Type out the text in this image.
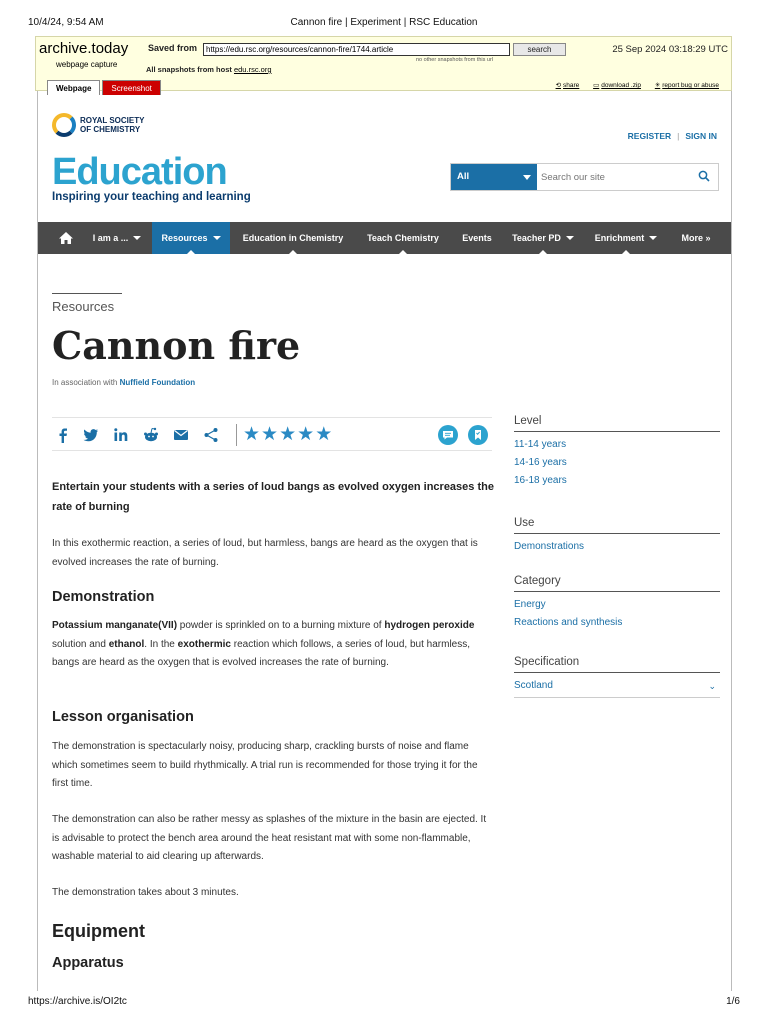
10/4/24, 9:54 AM	Cannon fire | Experiment | RSC Education
archive.today
webpage capture
Saved from	https://edu.rsc.org/resources/cannon-fire/1744.article	search
no other snapshots from this url
25 Sep 2024 03:18:29 UTC
All snapshots from host edu.rsc.org
Webpage	Screenshot	⟲ share ▭ download .zip ✳ report bug or abuse
ROYAL SOCIETY
OF CHEMISTRY
REGISTER | SIGN IN
Education
Inspiring your teaching and learning
All
Search our site
I am a ...	Resources	Education in Chemistry	Teach Chemistry	Events	Teacher PD	Enrichment	More »
Resources
Cannon fire
In association with Nuffield Foundation
★★★★★
Entertain your students with a series of loud bangs as evolved oxygen increases the rate of burning
In this exothermic reaction, a series of loud, but harmless, bangs are heard as the oxygen that is evolved increases the rate of burning.
Demonstration
Potassium manganate(VII) powder is sprinkled on to a burning mixture of hydrogen peroxide solution and ethanol. In the exothermic reaction which follows, a series of loud, but harmless, bangs are heard as the oxygen that is evolved increases the rate of burning.
Lesson organisation
The demonstration is spectacularly noisy, producing sharp, crackling bursts of noise and flame which sometimes seem to build rhythmically. A trial run is recommended for those trying it for the first time.
The demonstration can also be rather messy as splashes of the mixture in the basin are ejected. It is advisable to protect the bench area around the heat resistant mat with some non-flammable, washable material to aid clearing up afterwards.
The demonstration takes about 3 minutes.
Equipment
Apparatus
Level
11-14 years
14-16 years
16-18 years
Use
Demonstrations
Category
Energy
Reactions and synthesis
Specification
Scotland	⌄
https://archive.is/OI2tc	1/6
